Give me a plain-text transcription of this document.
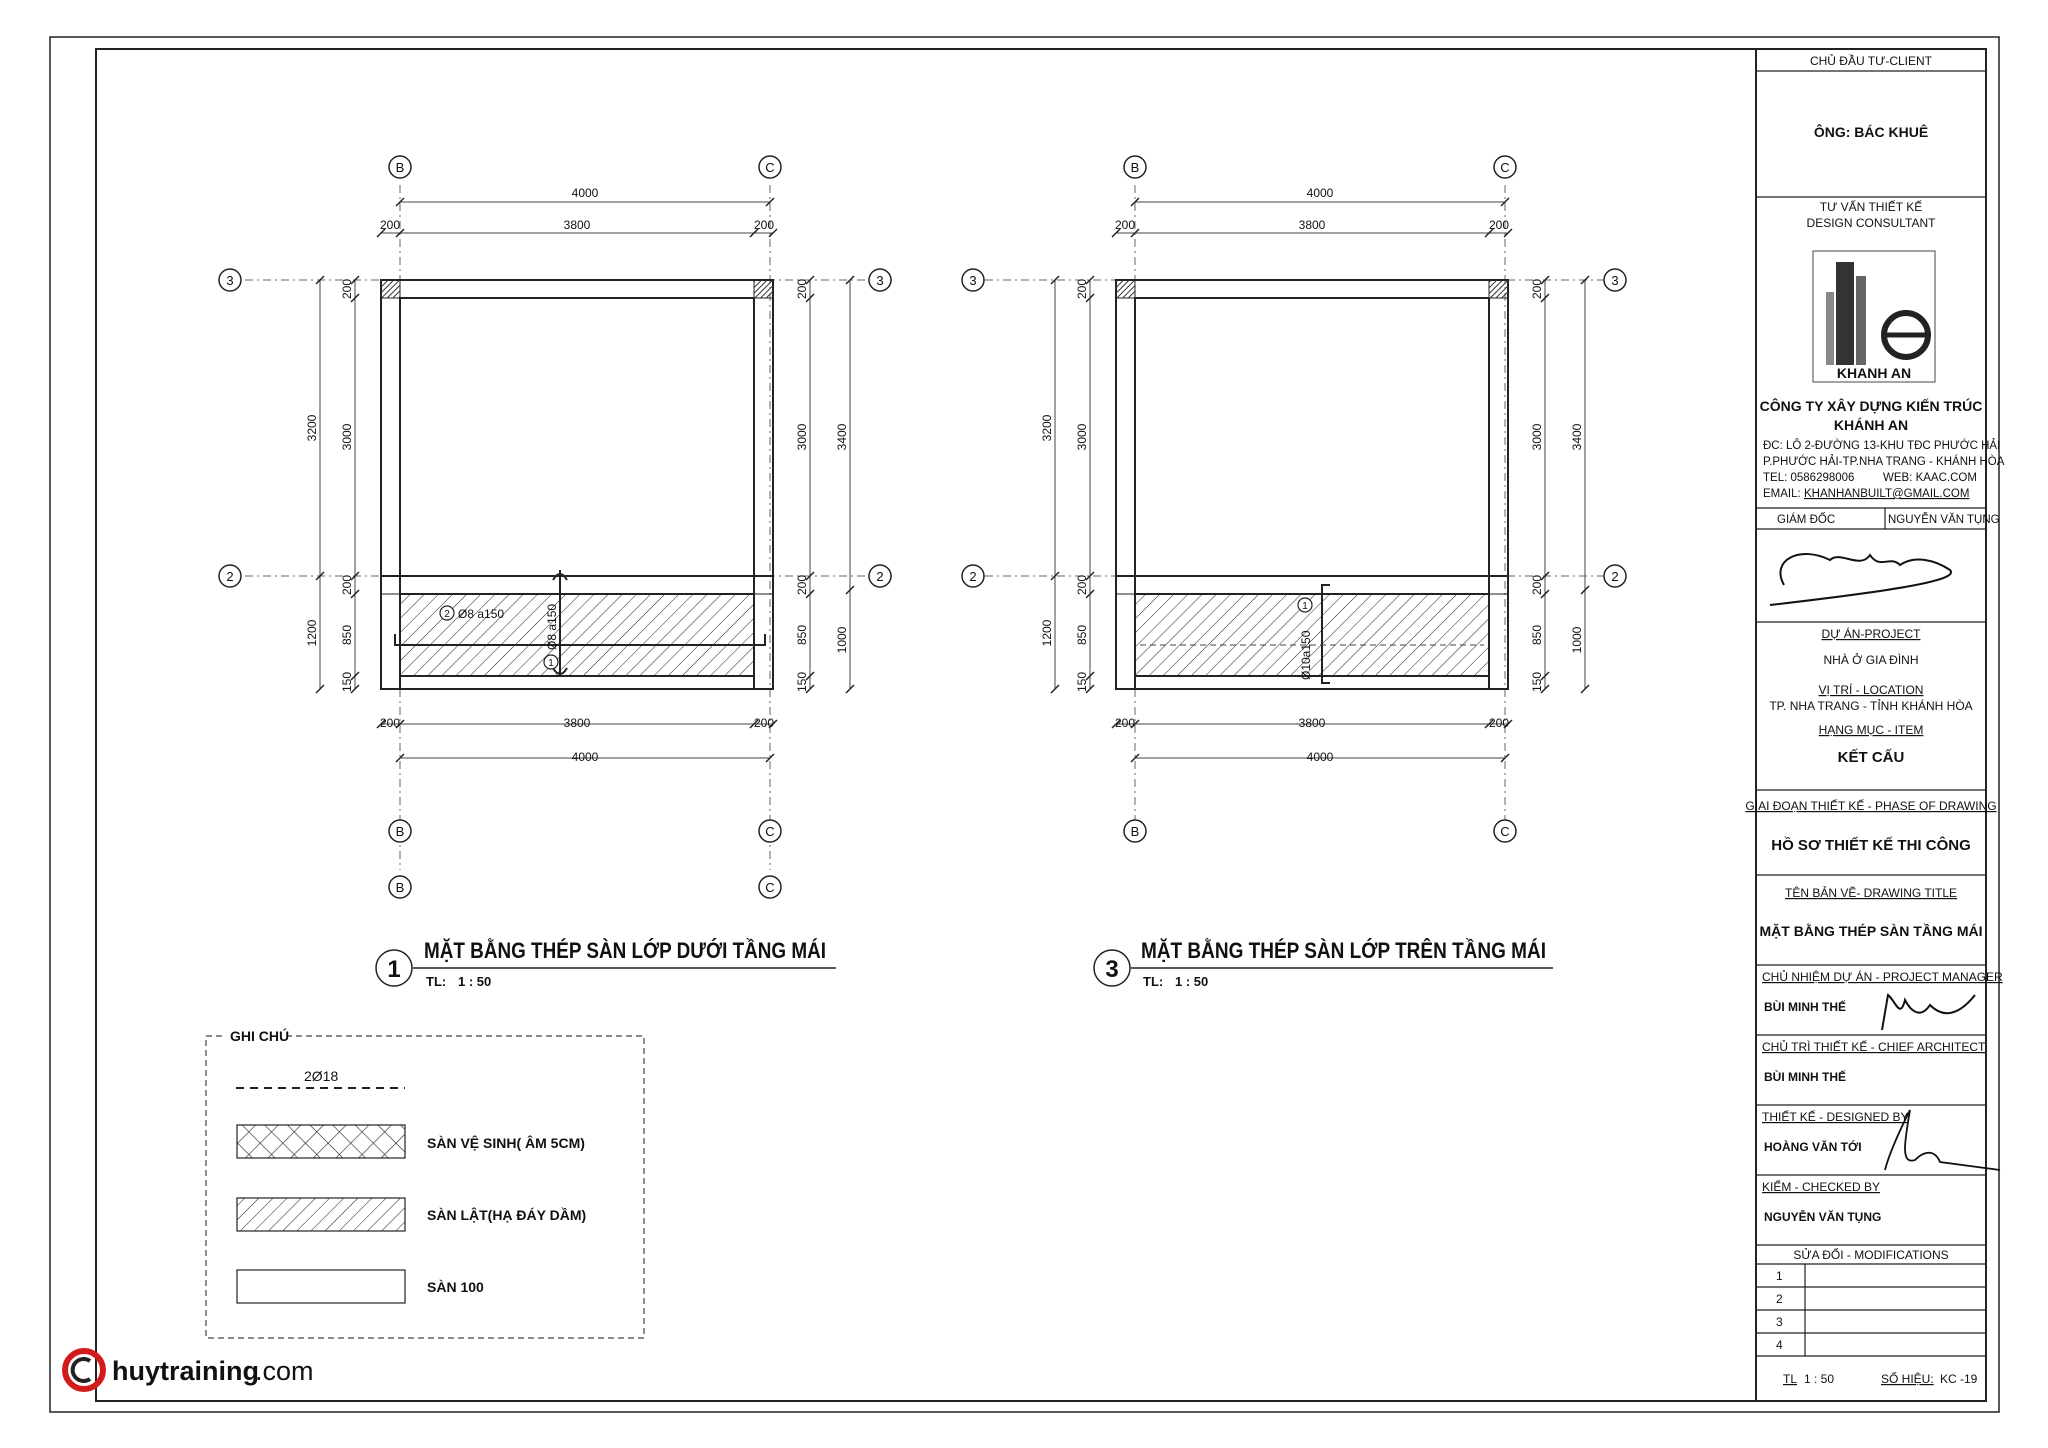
B
B
B
C
C
C
3	3
2	2
2
1
Ø8 a150	Ø8 a150
4000
200	3800	200
200	3800	200
4000
3200
1200
200
3000
200
850
150
200
3000
200
850
150
3400
1000
1
MẶT BẰNG THÉP SÀN LỚP DƯỚI TẦNG MÁI
TL: 1 : 50
B
B
C
C
3	3
2	2
1
Ø10a150
4000
200	3800	200
200	3800	200
4000
3200
1200
200
3000
200
850
150
200
3000
200
850
150
3400
1000
3
MẶT BẰNG THÉP SÀN LỚP TRÊN TẦNG MÁI
TL: 1 : 50
GHI CHÚ
2Ø18
SÀN VỆ SINH( ÂM 5CM)
SÀN LẬT(HẠ ĐÁY DẦM)
SÀN 100
huytraining
.com
CHỦ ĐẦU TƯ-CLIENT
ÔNG: BÁC KHUÊ
TƯ VẤN THIẾT KẾ
DESIGN CONSULTANT
KHANH AN
CÔNG TY XÂY DỰNG KIẾN TRÚC
KHÁNH AN
ĐC: LÔ 2-ĐƯỜNG 13-KHU TĐC PHƯỚC HẢI
P.PHƯỚC HẢI-TP.NHA TRANG - KHÁNH HÒA
TEL: 0586298006 WEB: KAAC.COM
EMAIL: KHANHANBUILT@GMAIL.COM
GIÁM ĐỐC	NGUYỄN VĂN TỤNG
DỰ ÁN-PROJECT
NHÀ Ở GIA ĐÌNH
VỊ TRÍ - LOCATION
TP. NHA TRANG - TỈNH KHÁNH HÒA
HẠNG MỤC - ITEM
KẾT CẤU
GIAI ĐOẠN THIẾT KẾ - PHASE OF DRAWING
HỒ SƠ THIẾT KẾ THI CÔNG
TÊN BẢN VẼ- DRAWING TITLE
MẶT BẰNG THÉP SÀN TẦNG MÁI
CHỦ NHIỆM DỰ ÁN - PROJECT MANAGER
BÙI MINH THẾ
CHỦ TRÌ THIẾT KẾ - CHIEF ARCHITECT
BÙI MINH THẾ
THIẾT KẾ - DESIGNED BY
HOÀNG VĂN TỚI
KIỂM - CHECKED BY
NGUYỄN VĂN TỤNG
SỬA ĐỔI - MODIFICATIONS
1
2
3
4
TL 1 : 50	SỐ HIỆU: KC -19
